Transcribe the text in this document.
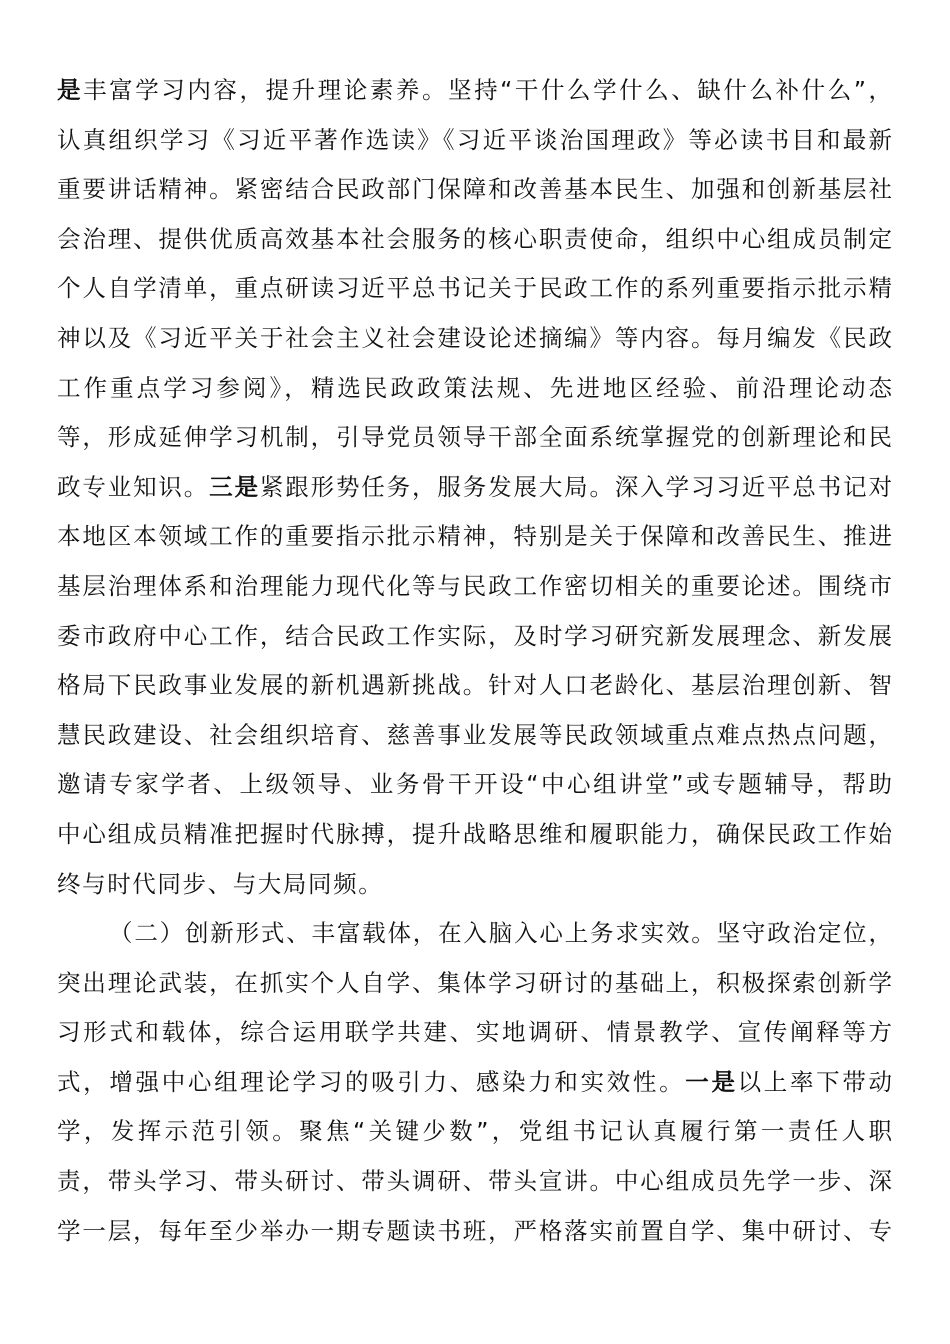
是丰富学习内容，提升理论素养。坚持“干什么学什么、缺什么补什么”，
认真组织学习《习近平著作选读》《习近平谈治国理政》等必读书目和最新
重要讲话精神。紧密结合民政部门保障和改善基本民生、加强和创新基层社
会治理、提供优质高效基本社会服务的核心职责使命，组织中心组成员制定
个人自学清单，重点研读习近平总书记关于民政工作的系列重要指示批示精
神以及《习近平关于社会主义社会建设论述摘编》等内容。每月编发《民政
工作重点学习参阅》，精选民政政策法规、先进地区经验、前沿理论动态
等，形成延伸学习机制，引导党员领导干部全面系统掌握党的创新理论和民
政专业知识。三是紧跟形势任务，服务发展大局。深入学习习近平总书记对
本地区本领域工作的重要指示批示精神，特别是关于保障和改善民生、推进
基层治理体系和治理能力现代化等与民政工作密切相关的重要论述。围绕市
委市政府中心工作，结合民政工作实际，及时学习研究新发展理念、新发展
格局下民政事业发展的新机遇新挑战。针对人口老龄化、基层治理创新、智
慧民政建设、社会组织培育、慈善事业发展等民政领域重点难点热点问题，
邀请专家学者、上级领导、业务骨干开设“中心组讲堂”或专题辅导，帮助
中心组成员精准把握时代脉搏，提升战略思维和履职能力，确保民政工作始
终与时代同步、与大局同频。
（二）创新形式、丰富载体，在入脑入心上务求实效。坚守政治定位，
突出理论武装，在抓实个人自学、集体学习研讨的基础上，积极探索创新学
习形式和载体，综合运用联学共建、实地调研、情景教学、宣传阐释等方
式，增强中心组理论学习的吸引力、感染力和实效性。一是以上率下带动
学，发挥示范引领。聚焦“关键少数”，党组书记认真履行第一责任人职
责，带头学习、带头研讨、带头调研、带头宣讲。中心组成员先学一步、深
学一层，每年至少举办一期专题读书班，严格落实前置自学、集中研讨、专
